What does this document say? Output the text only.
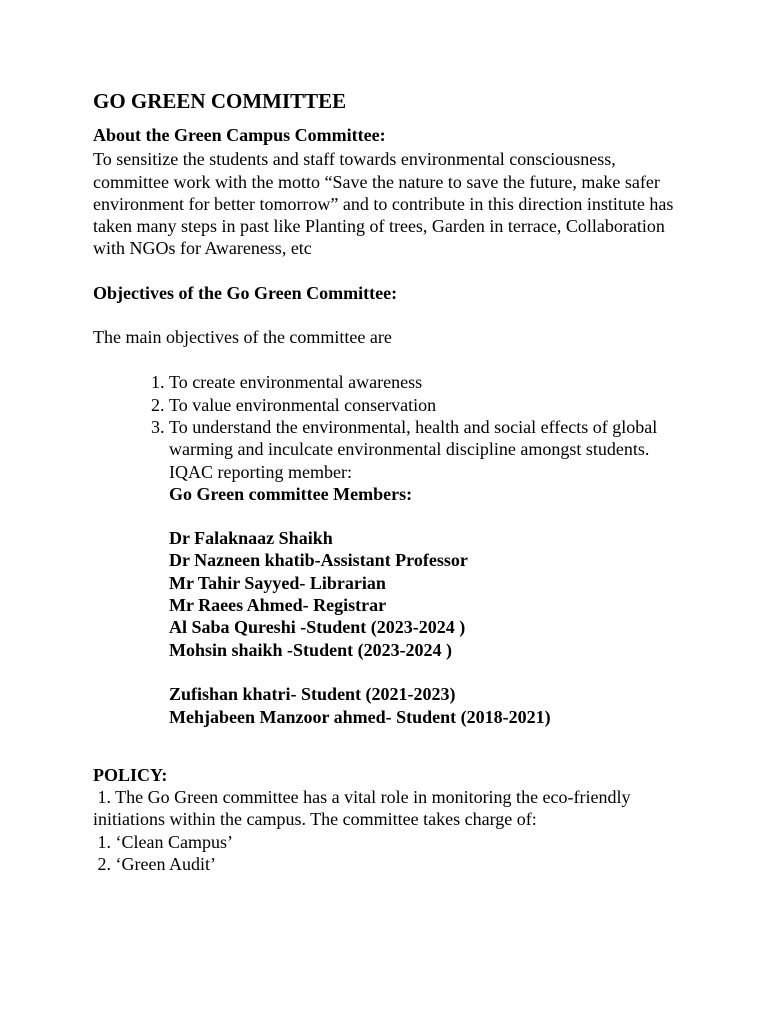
GO GREEN COMMITTEE

About the Green Campus Committee:

To sensitize the students and staff towards environmental consciousness, committee work with the motto “Save the nature to save the future, make safer environment for better tomorrow” and to contribute in this direction institute has taken many steps in past like Planting of trees, Garden in terrace, Collaboration with NGOs for Awareness, etc

Objectives of the Go Green Committee:

The main objectives of the committee are

1. To create environmental awareness
2. To value environmental conservation
3. To understand the environmental, health and social effects of global warming and inculcate environmental discipline amongst students.

IQAC reporting member:

Go Green committee Members:

Dr Falaknaaz Shaikh

Dr Nazneen khatib-Assistant Professor

Mr Tahir Sayyed- Librarian

Mr Raees Ahmed- Registrar

Al Saba Qureshi -Student (2023-2024 )

Mohsin shaikh -Student (2023-2024 )

Zufishan khatri- Student (2021-2023)

Mehjabeen Manzoor ahmed- Student (2018-2021)

POLICY:

1. The Go Green committee has a vital role in monitoring the eco-friendly initiations within the campus. The committee takes charge of:

1. ‘Clean Campus’

2. ‘Green Audit’
